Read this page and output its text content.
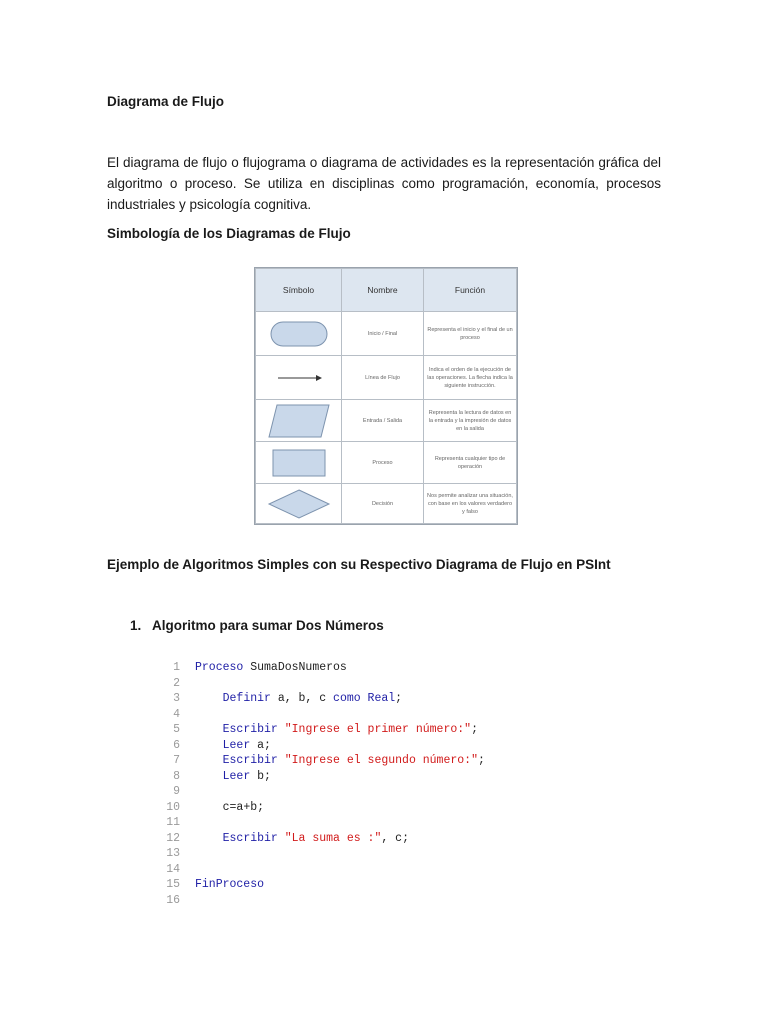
Diagrama de Flujo
El diagrama de flujo o flujograma o diagrama de actividades es la representación gráfica del algoritmo o proceso. Se utiliza en disciplinas como programación, economía, procesos industriales y psicología cognitiva.
Simbología de los Diagramas de Flujo
Símbolo	Nombre	Función

	Inicio / Final	Representa el inicio y el final de un proceso

	Línea de Flujo	Indica el orden de la ejecución de las operaciones. La flecha indica la siguiente instrucción.

	Entrada / Salida	Representa la lectura de datos en la entrada y la impresión de datos en la salida

	Proceso	Representa cualquier tipo de operación

	Decisión	Nos permite analizar una situación, con base en los valores verdadero y falso
Ejemplo de Algoritmos Simples con su Respectivo Diagrama de Flujo en PSInt
1. Algoritmo para sumar Dos Números
1 Proceso SumaDosNumeros
2
3	Definir a, b, c como Real;
4
5	Escribir "Ingrese el primer número:";
6	Leer a;
7	Escribir "Ingrese el segundo número:";
8	Leer b;
9
10	c=a+b;
11
12	Escribir "La suma es :", c;
13
14
15 FinProceso
16
